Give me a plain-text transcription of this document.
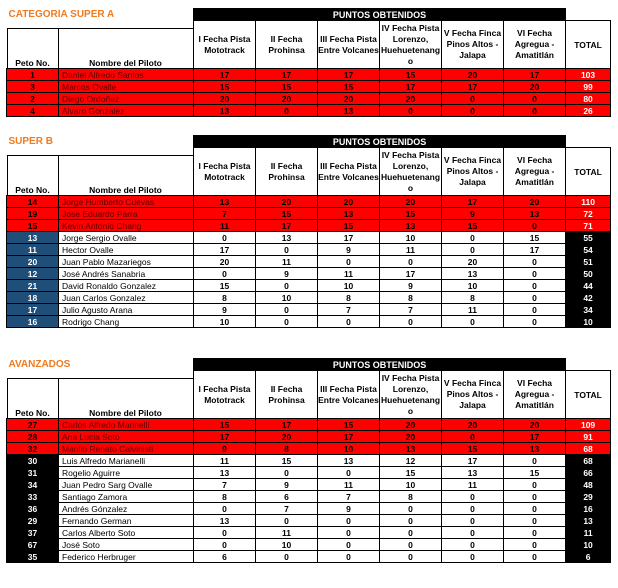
CATEGORÍA SUPER A
Peto No. Nombre del Piloto		PUNTOS OBTENIDOS						
		I Fecha Pista Mototrack	II Fecha Prohinsa	III Fecha Pista Entre Volcanes	IV Fecha Pista Lorenzo, Huehuetenang o	V Fecha Finca Pinos Altos - Jalapa	VI Fecha Agregua - Amatitlán	TOTAL
1	Daniel Alfredo Santos	17	17	17	15	20	17	103
3	Marcos Ovalle	15	15	15	17	17	20	99
2	Diego Ordoñez	20	20	20	20	0	0	80
4	Alvaro Gonzalez	13	0	13	0	0	0	26
SUPER B
Peto No. Nombre del Piloto		PUNTOS OBTENIDOS						
		I Fecha Pista Mototrack	II Fecha Prohinsa	III Fecha Pista Entre Volcanes	IV Fecha Pista Lorenzo, Huehuetenang o	V Fecha Finca Pinos Altos - Jalapa	VI Fecha Agregua - Amatitlán	TOTAL
14	Jorge Humberto Cuevas	13	20	20	20	17	20	110
19	Jose Eduardo Parra	7	15	13	15	9	13	72
15	Kevin Antonio Chang	11	17	15	13	15	0	71
13	Jorge Sergio Ovalle	0	13	17	10	0	15	55
11	Hector Ovalle	17	0	9	11	0	17	54
20	Juan Pablo Mazariegos	20	11	0	0	20	0	51
12	José Andrés Sanabria	0	9	11	17	13	0	50
21	David Ronaldo Gonzalez	15	0	10	9	10	0	44
18	Juan Carlos Gonzalez	8	10	8	8	8	0	42
17	Julio Agusto Arana	9	0	7	7	11	0	34
16	Rodrigo Chang	10	0	0	0	0	0	10
AVANZADOS
Peto No. Nombre del Piloto		PUNTOS OBTENIDOS						
		I Fecha Pista Mototrack	II Fecha Prohinsa	III Fecha Pista Entre Volcanes	IV Fecha Pista Lorenzo, Huehuetenang o	V Fecha Finca Pinos Altos - Jalapa	VI Fecha Agregua - Amatitlán	TOTAL
27	Carlos Alfredo Marinelli	15	17	15	20	20	20	109
28	Ana Lucia Soto	17	20	17	20	0	17	91
32	Manlio Renato Calvinisti	9	8	10	13	15	13	68
30	Luis Alfredo Marianelli	11	15	13	12	17	0	68
31	Rogelio Aguirre	13	0	0	15	13	15	66
34	Juan Pedro Sarg Ovalle	7	9	11	10	11	0	48
33	Santiago Zamora	8	6	7	8	0	0	29
36	Andrés Gónzalez	0	7	9	0	0	0	16
29	Fernando German	13	0	0	0	0	0	13
37	Carlos Alberto Soto	0	11	0	0	0	0	11
67	José Soto	0	10	0	0	0	0	10
35	Federico Herbruger	6	0	0	0	0	0	6
